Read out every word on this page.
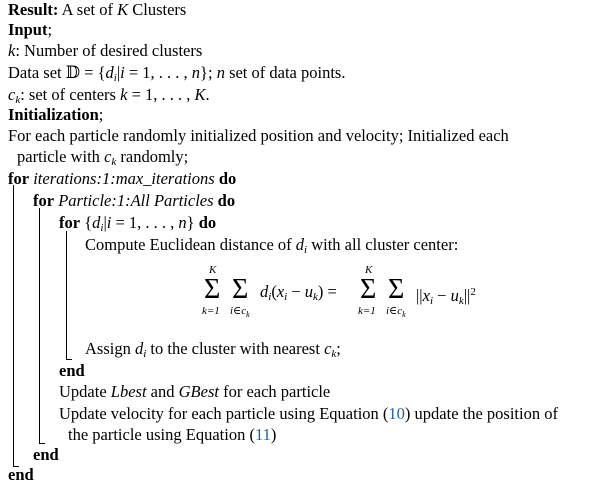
Result: A set of K Clusters
Input;
k: Number of desired clusters
Data set 𝔻 = {$d_i|i = 1$, . . . , n}; n set of data points.
$c_k$: set of centers k = 1, . . . , K.
Initialization;
For each particle randomly initialized position and velocity; Initialized each
particle with $c_k$ randomly;
for iterations:1:max_iterations do
for Particle:1:All Particles do
for {$d_i|i = 1$, . . . , n} do
Compute Euclidean distance of $d_i$ with all cluster center:
K
Σ
k=1
Σ
$i\in c_k$
$d_i(x_i - u_k)$ =
K
Σ
k=1
Σ
$i\in c_k$
$||x_i - u_k||^2$
Assign $d_i$ to the cluster with nearest $c_k$;
end
Update Lbest and GBest for each particle
Update velocity for each particle using Equation (10) update the position of
the particle using Equation (11)
end
end
